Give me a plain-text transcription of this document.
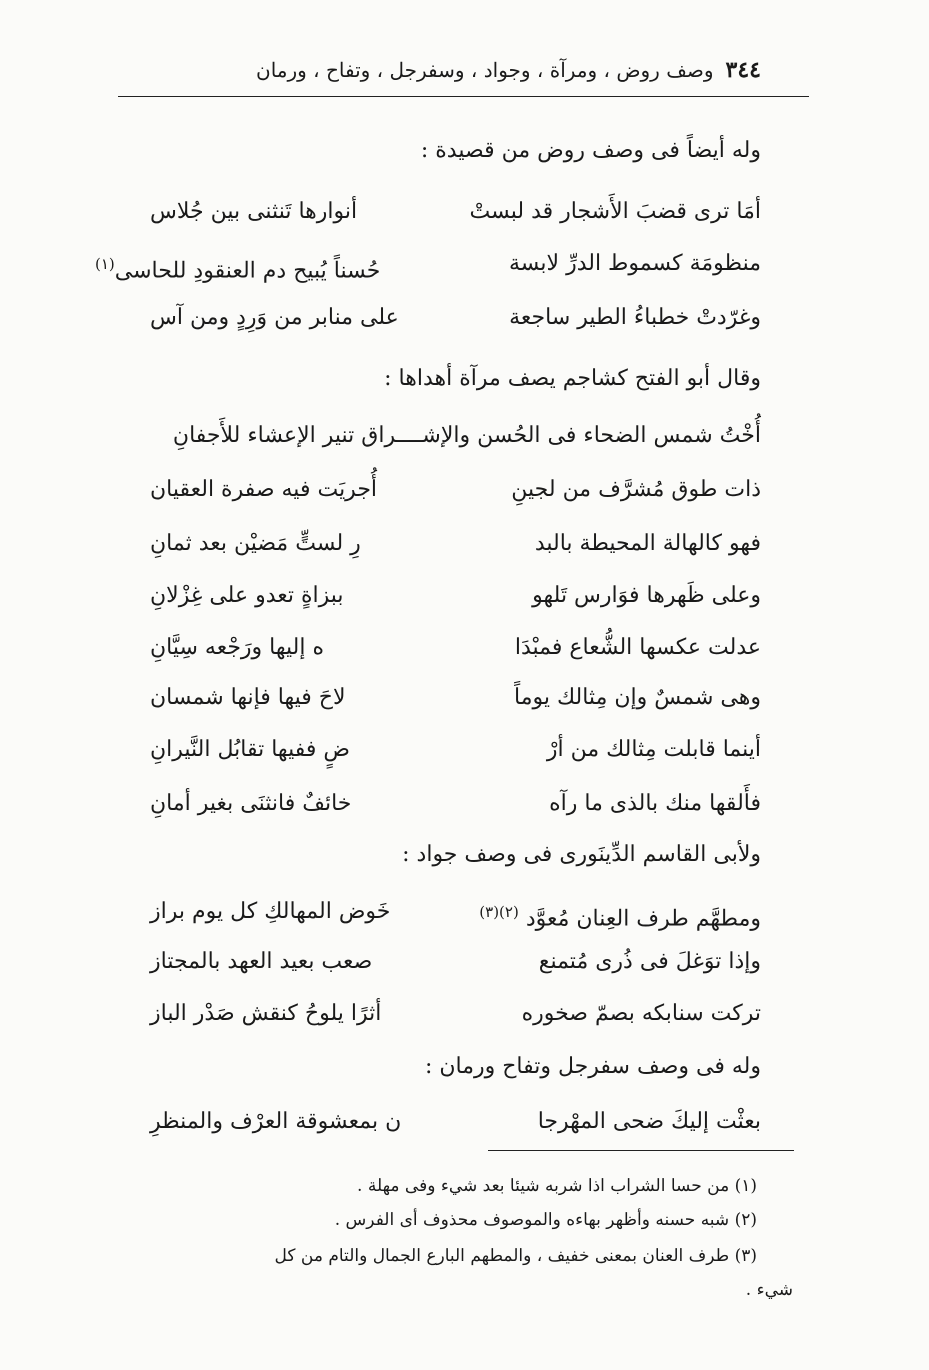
٣٤٤
وصف روض ، ومرآة ، وجواد ، وسفرجل ، وتفاح ، ورمان
وله أيضاً فى وصف روض من قصيدة :
أمَا ترى قضبَ الأَشجار قد لبستْ
أنوارها تَنثنى بين جُلاس
منظومَة كسموط الدرِّ لابسة
حُسناً يُبيح دم العنقودِ للحاسى$^{(١)}$
وغرّدتْ خطباءُ الطير ساجعة
على منابر من وَرِدٍ ومن آس
وقال أبو الفتح كشاجم يصف مرآة أهداها :
أُخْتُ شمس الضحاء فى الحُسن والإشــــراق تنير الإعشاء للأَجفانِ
ذات طوق مُشرَّف من لجينِ
أُجريَت فيه صفرة العقيان
فهو كالهالة المحيطة بالبد
رِ لستٍّ مَضيْن بعد ثمانِ
وعلى ظَهرها فوَارس تَلهو
ببزاةٍ تعدو على غِزْلانِ
عدلت عكسها الشُّعاع فمبْدَا
ه إليها ورَجْعه سِيَّانِ
وهى شمسٌ وإن مِثالك يوماً
لاحَ فيها فإنها شمسان
أينما قابلت مِثالك من أرْ
ضٍ ففيها تقابُل النَّيرانِ
فأَلقها منك بالذى ما رآه
خائفٌ فانثنَى بغير أمانِ
ولأبى القاسم الدِّينَورى فى وصف جواد :
ومطهَّم طرف العِنان مُعوَّد $^{(٢)(٣)}$
خَوض المهالكِ كل يوم براز
وإذا توَغلَ فى ذُرى مُتمنع
صعب بعيد العهد بالمجتاز
تركت سنابكه بصمّ صخوره
أثرًا يلوحُ كنقش صَدْر الباز
وله فى وصف سفرجل وتفاح ورمان :
بعثْت إليكَ ضحى المهْرجا
ن بمعشوقة العرْف والمنظرِ
(١) من حسا الشراب اذا شربه شيئا بعد شيء وفى مهلة .
(٢) شبه حسنه وأظهر بهاءه والموصوف محذوف أى الفرس .
(٣) طرف العنان بمعنى خفيف ، والمطهم البارع الجمال والتام من كل
شيء .
